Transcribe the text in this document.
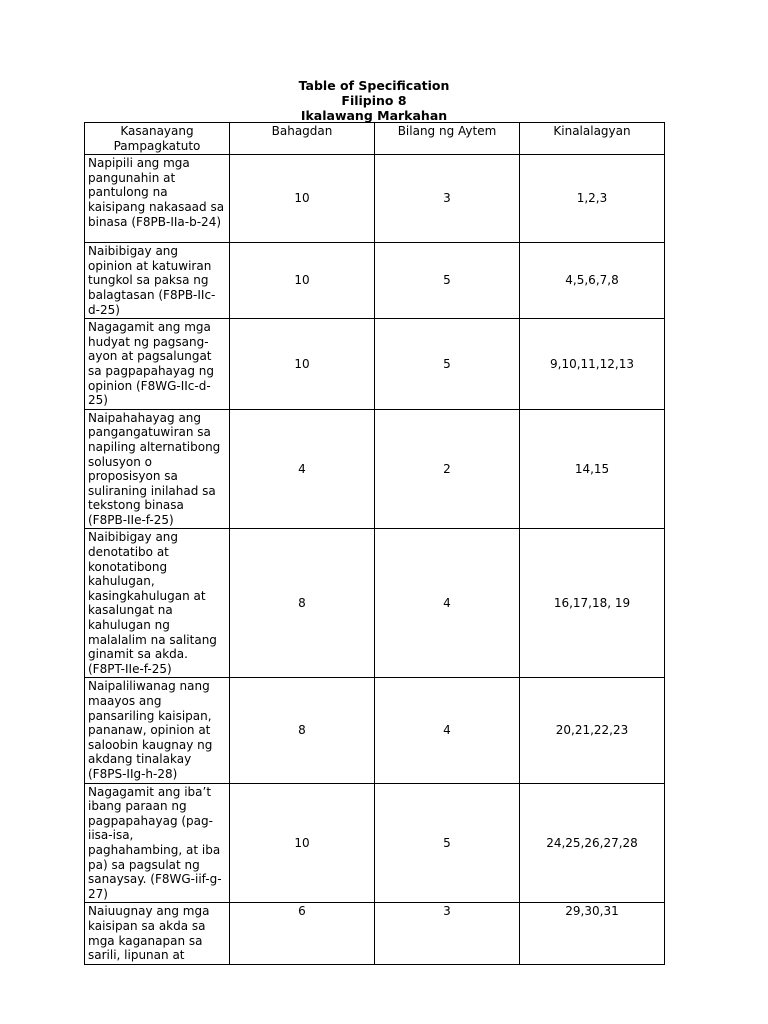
Table of Specification
Filipino 8
Ikalawang Markahan
Kasanayang Pampagkatuto	Bahagdan	Bilang ng Aytem	Kinalalagyan
Napipili ang mga pangunahin at pantulong na kaisipang nakasaad sa binasa (F8PB-IIa-b-24)	10	3	1,2,3
Naibibigay ang opinion at katuwiran tungkol sa paksa ng balagtasan (F8PB-IIc-d-25)	10	5	4,5,6,7,8
Nagagamit ang mga hudyat ng pagsang-ayon at pagsalungat sa pagpapahayag ng opinion (F8WG-IIc-d-25)	10	5	9,10,11,12,13
Naipahahayag ang pangangatuwiran sa napiling alternatibong solusyon o proposisyon sa suliraning inilahad sa tekstong binasa (F8PB-IIe-f-25)	4	2	14,15
Naibibigay ang denotatibo at konotatibong kahulugan, kasingkahulugan at kasalungat na kahulugan ng malalalim na salitang ginamit sa akda. (F8PT-IIe-f-25)	8	4	16,17,18, 19
Naipaliliwanag nang maayos ang pansariling kaisipan, pananaw, opinion at saloobin kaugnay ng akdang tinalakay (F8PS-IIg-h-28)	8	4	20,21,22,23
Nagagamit ang iba’t ibang paraan ng pagpapahayag (pag-iisa-isa, paghahambing, at iba pa) sa pagsulat ng sanaysay. (F8WG-iif-g-27)	10	5	24,25,26,27,28
Naiuugnay ang mga kaisipan sa akda sa mga kaganapan sa sarili, lipunan at	6	3	29,30,31
